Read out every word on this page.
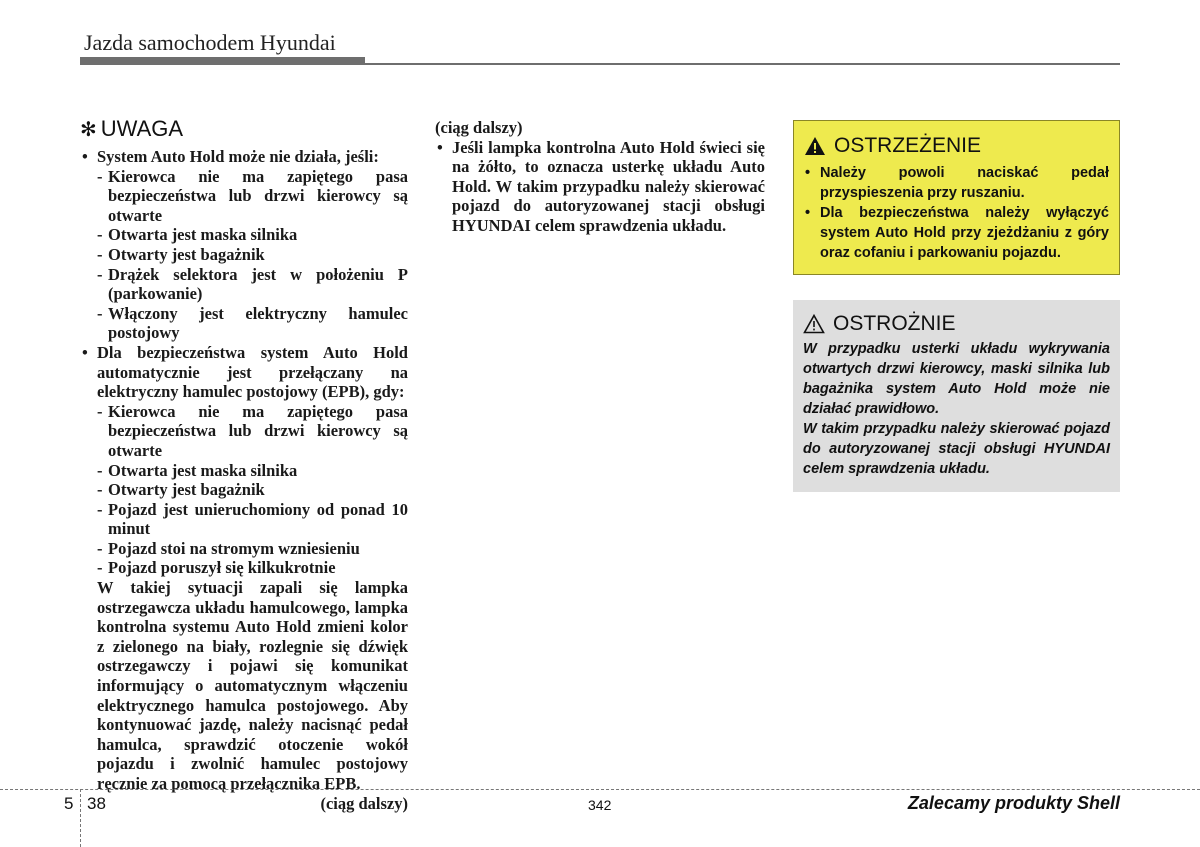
Jazda samochodem Hyundai
✻ UWAGA
• System Auto Hold może nie działa, jeśli:
- Kierowca nie ma zapiętego pasa bezpieczeństwa lub drzwi kierowcy są otwarte
- Otwarta jest maska silnika
- Otwarty jest bagażnik
- Drążek selektora jest w położeniu P (parkowanie)
- Włączony jest elektryczny hamulec postojowy
• Dla bezpieczeństwa system Auto Hold automatycznie jest przełączany na elektryczny hamulec postojowy (EPB), gdy:
- Kierowca nie ma zapiętego pasa bezpieczeństwa lub drzwi kierowcy są otwarte
- Otwarta jest maska silnika
- Otwarty jest bagażnik
- Pojazd jest unieruchomiony od ponad 10 minut
- Pojazd stoi na stromym wzniesieniu
- Pojazd poruszył się kilkukrotnie
W takiej sytuacji zapali się lampka ostrzegawcza układu hamulcowego, lampka kontrolna systemu Auto Hold zmieni kolor z zielonego na biały, rozlegnie się dźwięk ostrzegawczy i pojawi się komunikat informujący o automatycznym włączeniu elektrycznego hamulca postojowego. Aby kontynuować jazdę, należy nacisnąć pedał hamulca, sprawdzić otoczenie wokół pojazdu i zwolnić hamulec postojowy ręcznie za pomocą przełącznika EPB.
(ciąg dalszy)
(ciąg dalszy)
• Jeśli lampka kontrolna Auto Hold świeci się na żółto, to oznacza usterkę układu Auto Hold. W takim przypadku należy skierować pojazd do autoryzowanej stacji obsługi HYUNDAI celem sprawdzenia układu.
OSTRZEŻENIE
• Należy powoli naciskać pedał przyspieszenia przy ruszaniu.
• Dla bezpieczeństwa należy wyłączyć system Auto Hold przy zjeżdżaniu z góry oraz cofaniu i parkowaniu pojazdu.
OSTROŻNIE
W przypadku usterki układu wykrywania otwartych drzwi kierowcy, maski silnika lub bagażnika system Auto Hold może nie działać prawidłowo.
W takim przypadku należy skierować pojazd do autoryzowanej stacji obsługi HYUNDAI celem sprawdzenia układu.
5 38	342	Zalecamy produkty Shell
